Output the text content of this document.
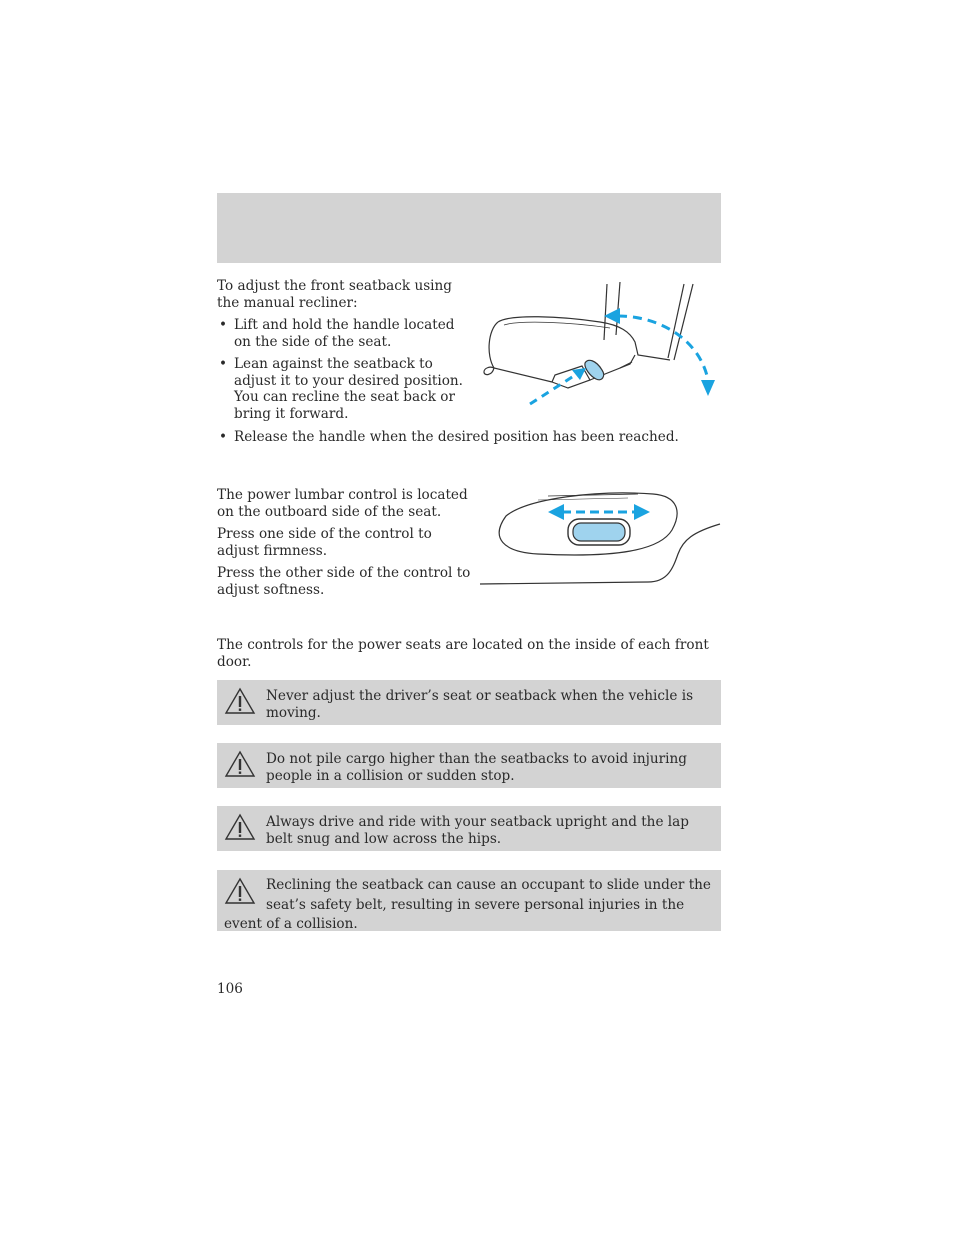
To adjust the front seatback using the manual recliner:

• Lift and hold the handle located on the side of the seat.
• Lean against the seatback to adjust it to your desired position. You can recline the seat back or bring it forward.
• Release the handle when the desired position has been reached.

The power lumbar control is located on the outboard side of the seat.

Press one side of the control to adjust firmness.

Press the other side of the control to adjust softness.

The controls for the power seats are located on the inside of each front door.

Never adjust the driver’s seat or seatback when the vehicle is moving.
Do not pile cargo higher than the seatbacks to avoid injuring people in a collision or sudden stop.
Always drive and ride with your seatback upright and the lap belt snug and low across the hips.
Reclining the seatback can cause an occupant to slide under the seat’s safety belt, resulting in severe personal injuries in the event of a collision.
106
